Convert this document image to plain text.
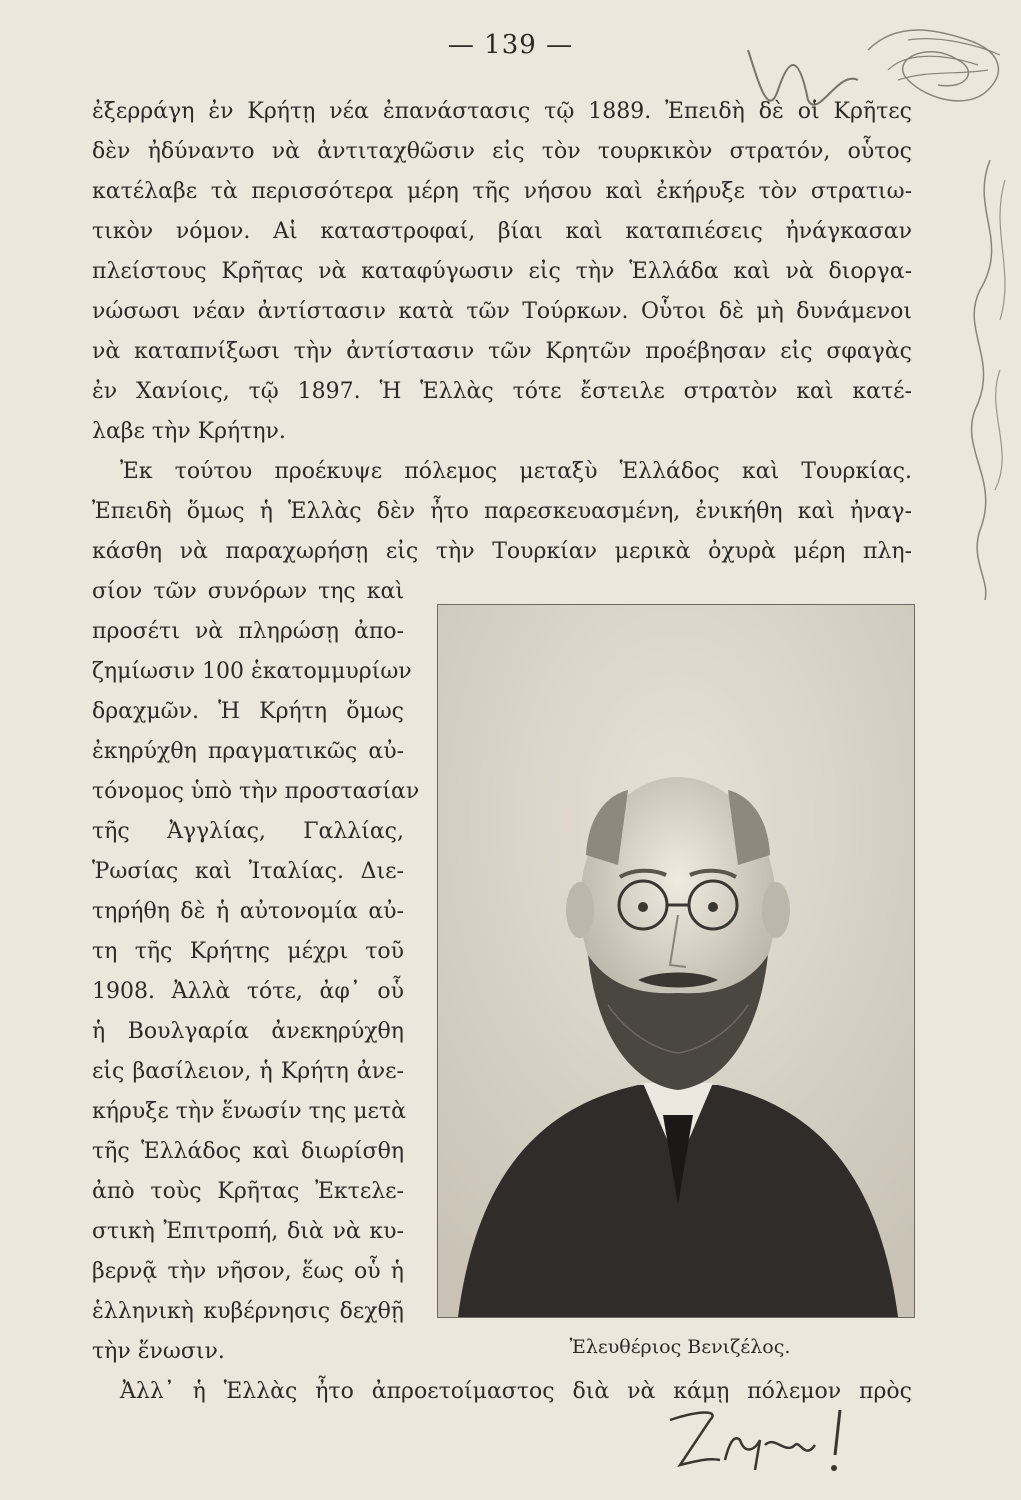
— 139 —
ἐξερράγη ἐν Κρήτῃ νέα ἐπανάστασις τῷ 1889. Ἐπειδὴ δὲ οἱ Κρῆτες
δὲν ἠδύναντο νὰ ἀντιταχθῶσιν εἰς τὸν τουρκικὸν στρατόν, οὗτος
κατέλαβε τὰ περισσότερα μέρη τῆς νήσου καὶ ἐκήρυξε τὸν στρατιω-
τικὸν νόμον. Αἱ καταστροφαί, βίαι καὶ καταπιέσεις ἠνάγκασαν
πλείστους Κρῆτας νὰ καταφύγωσιν εἰς τὴν Ἑλλάδα καὶ νὰ διοργα-
νώσωσι νέαν ἀντίστασιν κατὰ τῶν Τούρκων. Οὗτοι δὲ μὴ δυνάμενοι
νὰ καταπνίξωσι τὴν ἀντίστασιν τῶν Κρητῶν προέβησαν εἰς σφαγὰς
ἐν Χανίοις, τῷ 1897. Ἡ Ἑλλὰς τότε ἔστειλε στρατὸν καὶ κατέ-
λαβε τὴν Κρήτην.
Ἐκ τούτου προέκυψε πόλεμος μεταξὺ Ἑλλάδος καὶ Τουρκίας.
Ἐπειδὴ ὅμως ἡ Ἑλλὰς δὲν ἦτο παρεσκευασμένη, ἐνικήθη καὶ ἠναγ-
κάσθη νὰ παραχωρήσῃ εἰς τὴν Τουρκίαν μερικὰ ὀχυρὰ μέρη πλη-
σίον τῶν συνόρων της καὶ
προσέτι νὰ πληρώσῃ ἀπο-
ζημίωσιν 100 ἑκατομμυρίων
δραχμῶν. Ἡ Κρήτη ὅμως
ἐκηρύχθη πραγματικῶς αὐ-
τόνομος ὑπὸ τὴν προστασίαν
τῆς Ἀγγλίας, Γαλλίας,
Ῥωσίας καὶ Ἰταλίας. Διε-
τηρήθη δὲ ἡ αὐτονομία αὐ-
τη τῆς Κρήτης μέχρι τοῦ
1908. Ἀλλὰ τότε, ἀφ᾽ οὗ
ἡ Βουλγαρία ἀνεκηρύχθη
εἰς βασίλειον, ἡ Κρήτη ἀνε-
κήρυξε τὴν ἕνωσίν της μετὰ
τῆς Ἑλλάδος καὶ διωρίσθη
ἀπὸ τοὺς Κρῆτας Ἐκτελε-
στικὴ Ἐπιτροπή, διὰ νὰ κυ-
βερνᾷ τὴν νῆσον, ἕως οὗ ἡ
ἑλληνικὴ κυβέρνησις δεχθῇ
τὴν ἕνωσιν.	Ἐλευθέριος Βενιζέλος.
Ἀλλ᾽ ἡ Ἑλλὰς ἦτο ἀπροετοίμαστος διὰ νὰ κάμῃ πόλεμον πρὸς
